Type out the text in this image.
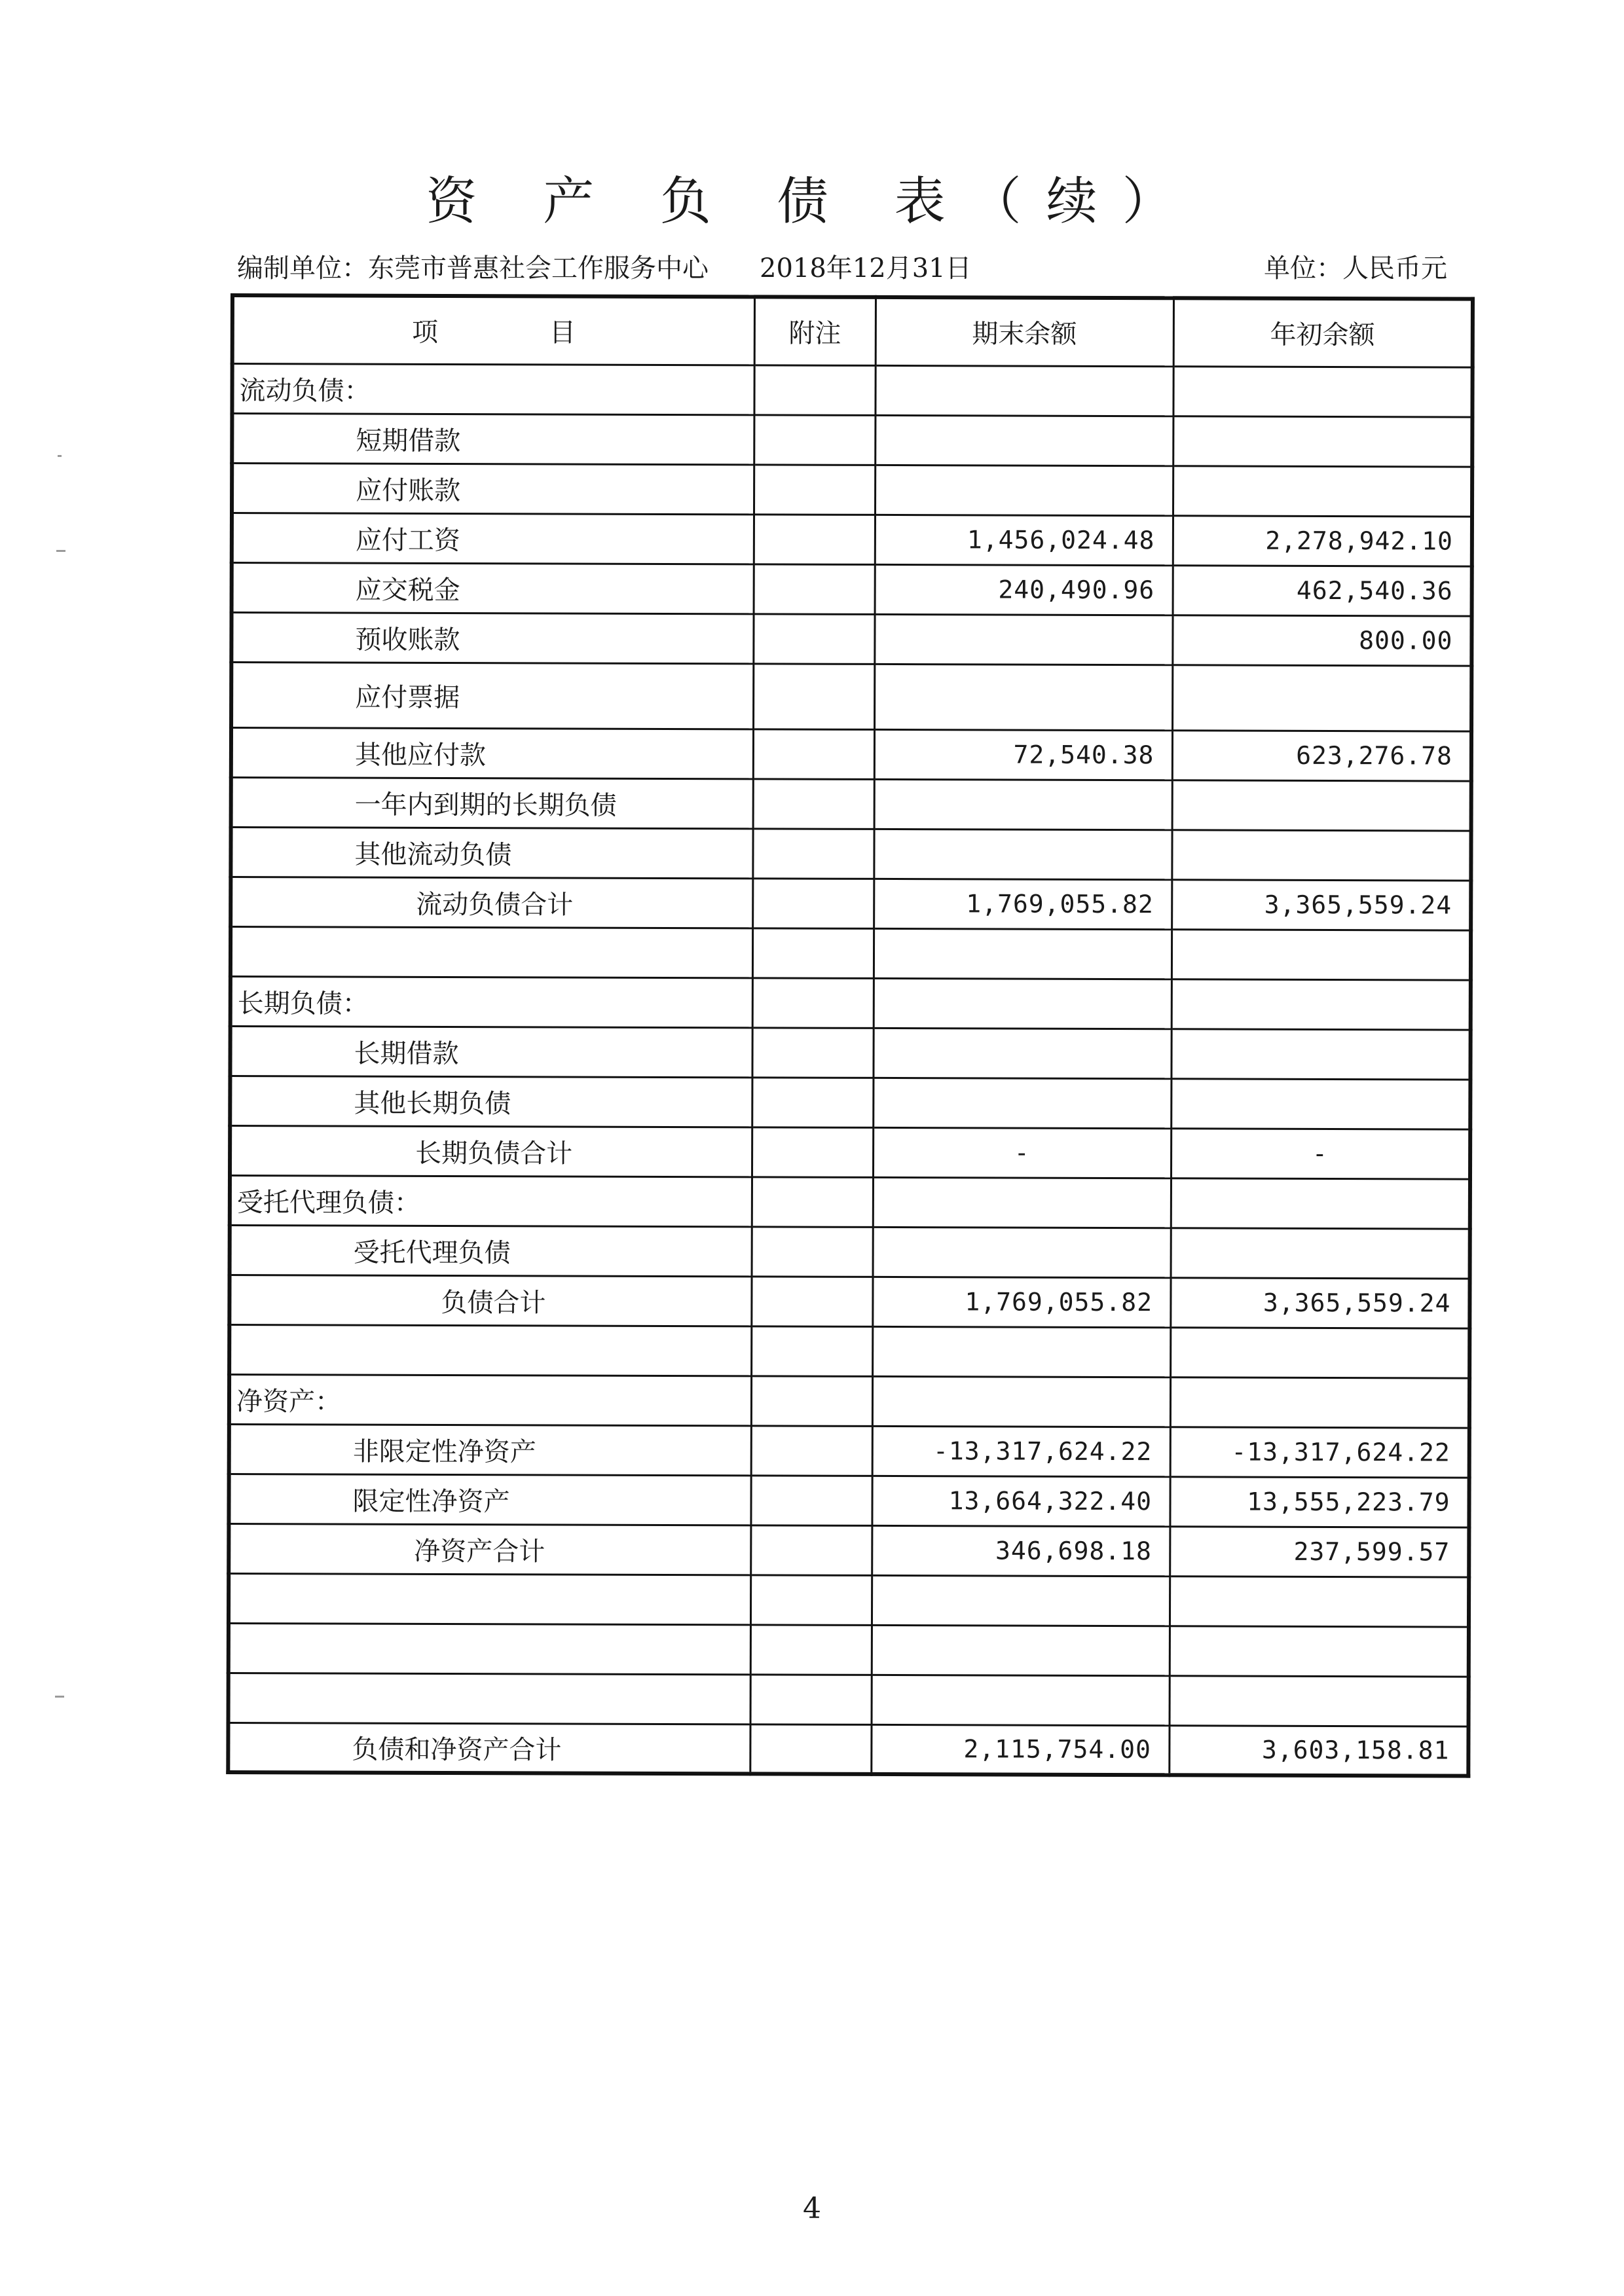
资 产 负 债 表（续）
编制单位：东莞市普惠社会工作服务中心 2018年12月31日	单位：人民币元
项 目	附注	期末余额	年初余额
流动负债：			
短期借款			
应付账款			
应付工资		1,456,024.48	2,278,942.10
应交税金		240,490.96	462,540.36
预收账款			800.00
应付票据			
其他应付款		72,540.38	623,276.78
一年内到期的长期负债			
其他流动负债			
流动负债合计		1,769,055.82	3,365,559.24

长期负债：			
长期借款			
其他长期负债			
长期负债合计		-	-
受托代理负债：			
受托代理负债			
负债合计		1,769,055.82	3,365,559.24

净资产：			
非限定性净资产		-13,317,624.22	-13,317,624.22
限定性净资产		13,664,322.40	13,555,223.79
净资产合计		346,698.18	237,599.57

负债和净资产合计		2,115,754.00	3,603,158.81
4
